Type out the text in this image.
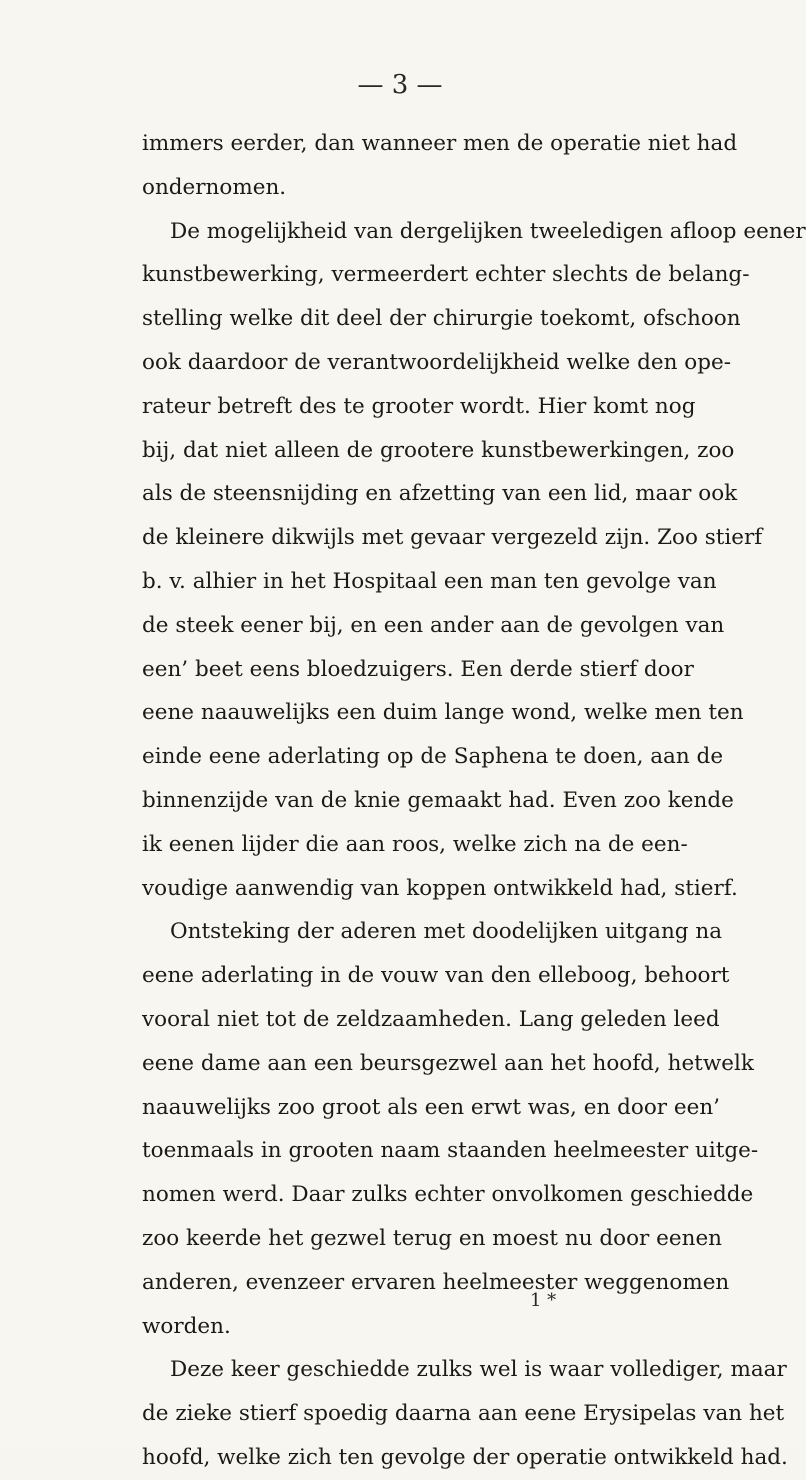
— 3 —
immers eerder, dan wanneer men de operatie niet had
ondernomen.
De mogelijkheid van dergelijken tweeledigen afloop eener
kunstbewerking, vermeerdert echter slechts de belang-
stelling welke dit deel der chirurgie toekomt, ofschoon
ook daardoor de verantwoordelijkheid welke den ope-
rateur betreft des te grooter wordt. Hier komt nog
bij, dat niet alleen de grootere kunstbewerkingen, zoo
als de steensnijding en afzetting van een lid, maar ook
de kleinere dikwijls met gevaar vergezeld zijn. Zoo stierf
b. v. alhier in het Hospitaal een man ten gevolge van
de steek eener bij, en een ander aan de gevolgen van
een’ beet eens bloedzuigers. Een derde stierf door
eene naauwelijks een duim lange wond, welke men ten
einde eene aderlating op de Saphena te doen, aan de
binnenzijde van de knie gemaakt had. Even zoo kende
ik eenen lijder die aan roos, welke zich na de een-
voudige aanwendig van koppen ontwikkeld had, stierf.
Ontsteking der aderen met doodelijken uitgang na
eene aderlating in de vouw van den elleboog, behoort
vooral niet tot de zeldzaamheden. Lang geleden leed
eene dame aan een beursgezwel aan het hoofd, hetwelk
naauwelijks zoo groot als een erwt was, en door een’
toenmaals in grooten naam staanden heelmeester uitge-
nomen werd. Daar zulks echter onvolkomen geschiedde
zoo keerde het gezwel terug en moest nu door eenen
anderen, evenzeer ervaren heelmeester weggenomen
worden.
Deze keer geschiedde zulks wel is waar vollediger, maar
de zieke stierf spoedig daarna aan eene Erysipelas van het
hoofd, welke zich ten gevolge der operatie ontwikkeld had.
1 *
